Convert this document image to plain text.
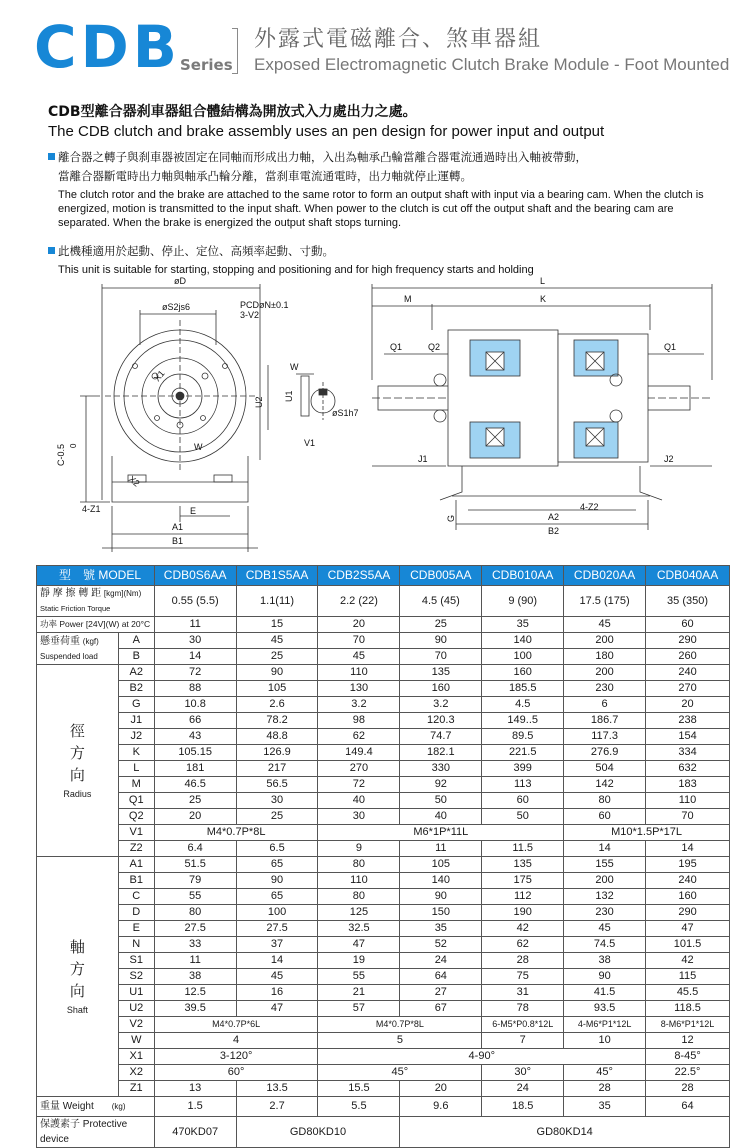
CDB Series
外露式電磁離合、煞車器組
Exposed Electromagnetic Clutch Brake Module - Foot Mounted
CDB型離合器刹車器組合體結構為開放式入力處出力之處。
The CDB clutch and brake assembly uses an pen design for power input and output
離合器之轉子與刹車器被固定在同軸而形成出力軸，入出為軸承凸輪當離合器電流通過時出入軸被帶動，
當離合器斷電時出力軸與軸承凸輪分離，當刹車電流通電時，出力軸就停止運轉。
The clutch rotor and the brake are attached to the same rotor to form an output shaft with input via a bearing cam. When the clutch is energized, motion is transmitted to the input shaft. When power to the clutch is cut off the output shaft and the bearing cam are separated. When the brake is energized the output shaft stops turning.
此機種適用於起動、停止、定位、高頻率起動、寸動。
This unit is suitable for starting, stopping and positioning and for high frequency starts and holding
øD
øS2js6	PCDøN±0.1
3-V2
U2
W
U1
øS1h7
V1
C-0.5 0
X1
X2
W
4-Z1	E
A1
B1
L
M	K
Q1	Q2	Q1
J1	J2
G
4-Z2
A2
B2
型　號 MODEL		CDB0S6AA	CDB1S5AA	CDB2S5AA	CDB005AA	CDB010AA	CDB020AA	CDB040AA
靜 摩 擦 轉 距 [kgm](Nm)
Static Friction Torque		0.55 (5.5)	1.1(11)	2.2 (22)	4.5 (45)	9 (90)	17.5 (175)	35 (350)
功率 Power [24V](W) at 20°C		11	15	20	25	35	45	60
懸垂荷重 (kgf)
Suspended load	A	30	45	70	90	140	200	290
	B	14	25	45	70	100	180	260

徑
方
向
Radius	A2	72	90	110	135	160	200	240
	B2	88	105	130	160	185.5	230	270
	G	10.8	2.6	3.2	3.2	4.5	6	20
	J1	66	78.2	98	120.3	149..5	186.7	238
	J2	43	48.8	62	74.7	89.5	117.3	154
	K	105.15	126.9	149.4	182.1	221.5	276.9	334
	L	181	217	270	330	399	504	632
	M	46.5	56.5	72	92	113	142	183
	Q1	25	30	40	50	60	80	110
	Q2	20	25	30	40	50	60	70
	V1	M4*0.7P*8L		M6*1P*11L			M10*1.5P*17L	
	Z2	6.4	6.5	9	11	11.5	14	14

軸
方
向
Shaft	A1	51.5	65	80	105	135	155	195
	B1	79	90	110	140	175	200	240
	C	55	65	80	90	112	132	160
	D	80	100	125	150	190	230	290
	E	27.5	27.5	32.5	35	42	45	47
	N	33	37	47	52	62	74.5	101.5
	S1	11	14	19	24	28	38	42
	S2	38	45	55	64	75	90	115
	U1	12.5	16	21	27	31	41.5	45.5
	U2	39.5	47	57	67	78	93.5	118.5
	V2	M4*0.7P*6L		M4*0.7P*8L		6-M5*P0.8*12L	4-M6*P1*12L	8-M6*P1*12L
	W	4		5		7	10	12
	X1	3-120°		4-90°				8-45°
	X2	60°		45°		30°	45°	22.5°
	Z1	13	13.5	15.5	20	24	28	28
重量 Weight (kg)		1.5	2.7	5.5	9.6	18.5	35	64
保護素子 Protective device		470KD07	GD80KD10		GD80KD14			
